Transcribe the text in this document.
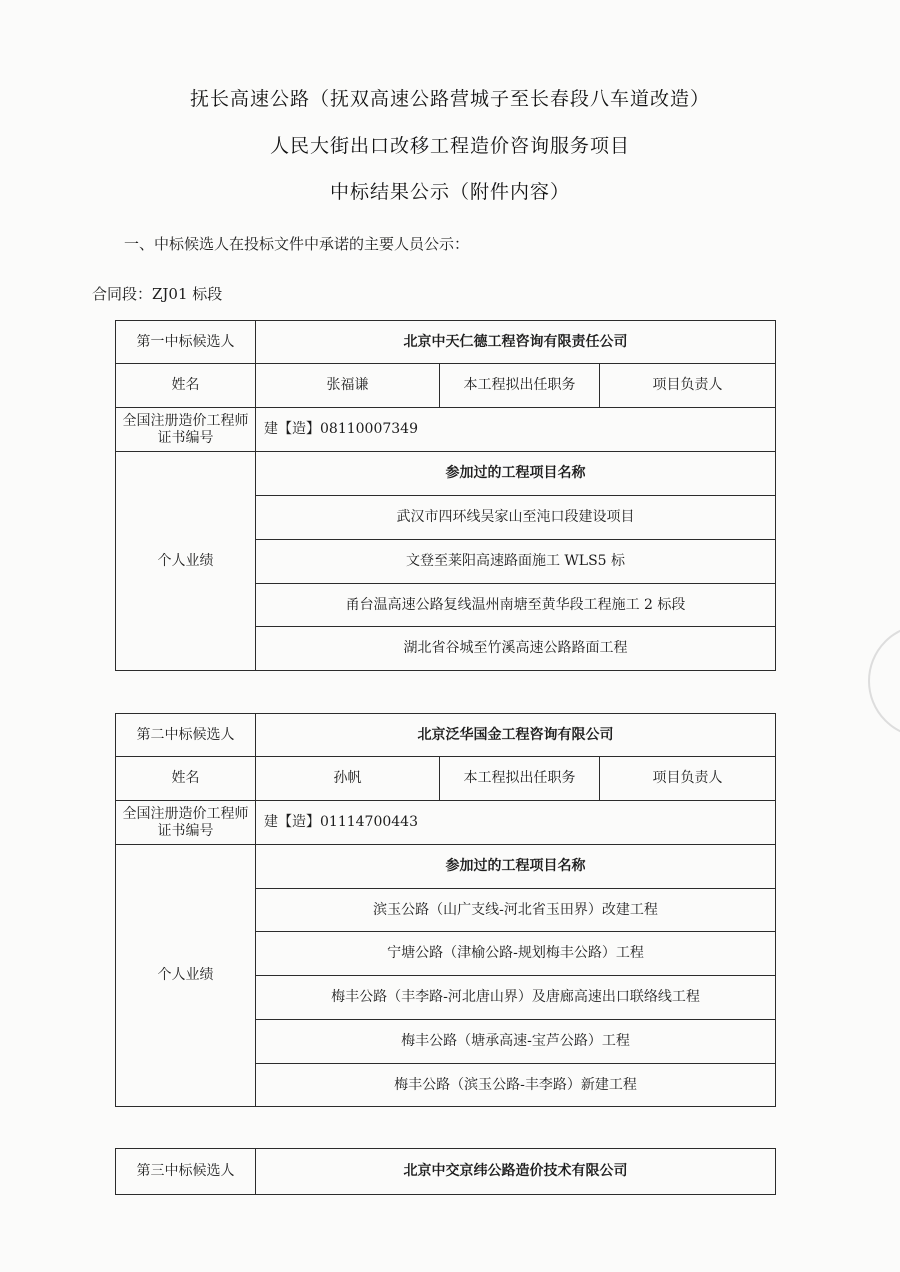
抚长高速公路（抚双高速公路营城子至长春段八车道改造）
人民大街出口改移工程造价咨询服务项目
中标结果公示（附件内容）
一、中标候选人在投标文件中承诺的主要人员公示：
合同段：ZJ01 标段
第一中标候选人	北京中天仁德工程咨询有限责任公司		
姓名	张福谦	本工程拟出任职务	项目负责人
全国注册造价工程师证书编号	建【造】08110007349		
个人业绩	参加过的工程项目名称		
	武汉市四环线吴家山至沌口段建设项目		
	文登至莱阳高速路面施工 WLS5 标		
	甬台温高速公路复线温州南塘至黄华段工程施工 2 标段		
	湖北省谷城至竹溪高速公路路面工程		
第二中标候选人	北京泛华国金工程咨询有限公司		
姓名	孙帆	本工程拟出任职务	项目负责人
全国注册造价工程师证书编号	建【造】01114700443		
个人业绩	参加过的工程项目名称		
	滨玉公路（山广支线-河北省玉田界）改建工程		
	宁塘公路（津榆公路-规划梅丰公路）工程		
	梅丰公路（丰李路-河北唐山界）及唐廊高速出口联络线工程		
	梅丰公路（塘承高速-宝芦公路）工程		
	梅丰公路（滨玉公路-丰李路）新建工程		
第三中标候选人	北京中交京纬公路造价技术有限公司
